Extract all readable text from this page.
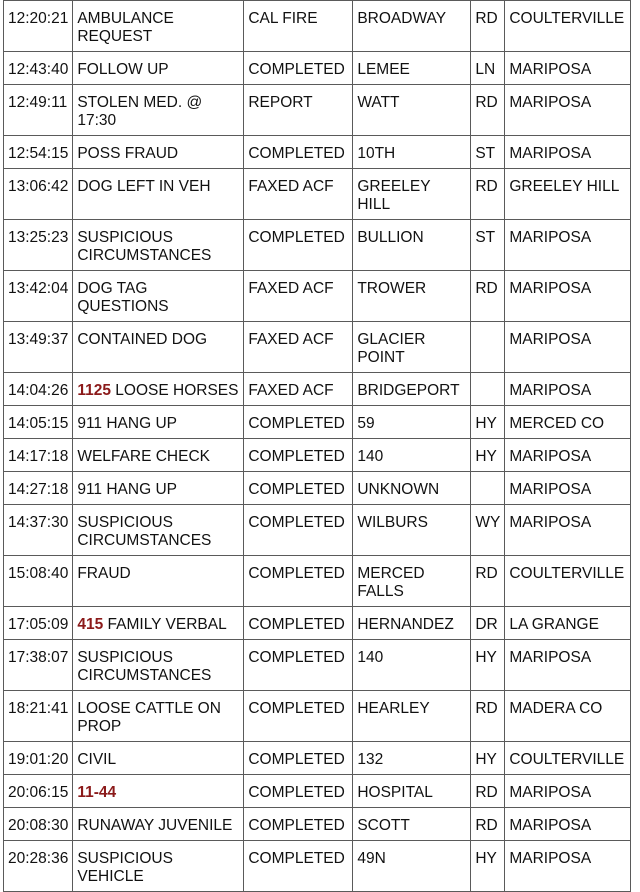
12:20:21	AMBULANCE REQUEST	CAL FIRE	BROADWAY	RD	COULTERVILLE
12:43:40	FOLLOW UP	COMPLETED	LEMEE	LN	MARIPOSA
12:49:11	STOLEN MED. @ 17:30	REPORT	WATT	RD	MARIPOSA
12:54:15	POSS FRAUD	COMPLETED	10TH	ST	MARIPOSA
13:06:42	DOG LEFT IN VEH	FAXED ACF	GREELEY HILL	RD	GREELEY HILL
13:25:23	SUSPICIOUS CIRCUMSTANCES	COMPLETED	BULLION	ST	MARIPOSA
13:42:04	DOG TAG QUESTIONS	FAXED ACF	TROWER	RD	MARIPOSA
13:49:37	CONTAINED DOG	FAXED ACF	GLACIER POINT		MARIPOSA
14:04:26	1125 LOOSE HORSES	FAXED ACF	BRIDGEPORT		MARIPOSA
14:05:15	911 HANG UP	COMPLETED	59	HY	MERCED CO
14:17:18	WELFARE CHECK	COMPLETED	140	HY	MARIPOSA
14:27:18	911 HANG UP	COMPLETED	UNKNOWN		MARIPOSA
14:37:30	SUSPICIOUS CIRCUMSTANCES	COMPLETED	WILBURS	WY	MARIPOSA
15:08:40	FRAUD	COMPLETED	MERCED FALLS	RD	COULTERVILLE
17:05:09	415 FAMILY VERBAL	COMPLETED	HERNANDEZ	DR	LA GRANGE
17:38:07	SUSPICIOUS CIRCUMSTANCES	COMPLETED	140	HY	MARIPOSA
18:21:41	LOOSE CATTLE ON PROP	COMPLETED	HEARLEY	RD	MADERA CO
19:01:20	CIVIL	COMPLETED	132	HY	COULTERVILLE
20:06:15	11-44	COMPLETED	HOSPITAL	RD	MARIPOSA
20:08:30	RUNAWAY JUVENILE	COMPLETED	SCOTT	RD	MARIPOSA
20:28:36	SUSPICIOUS VEHICLE	COMPLETED	49N	HY	MARIPOSA
